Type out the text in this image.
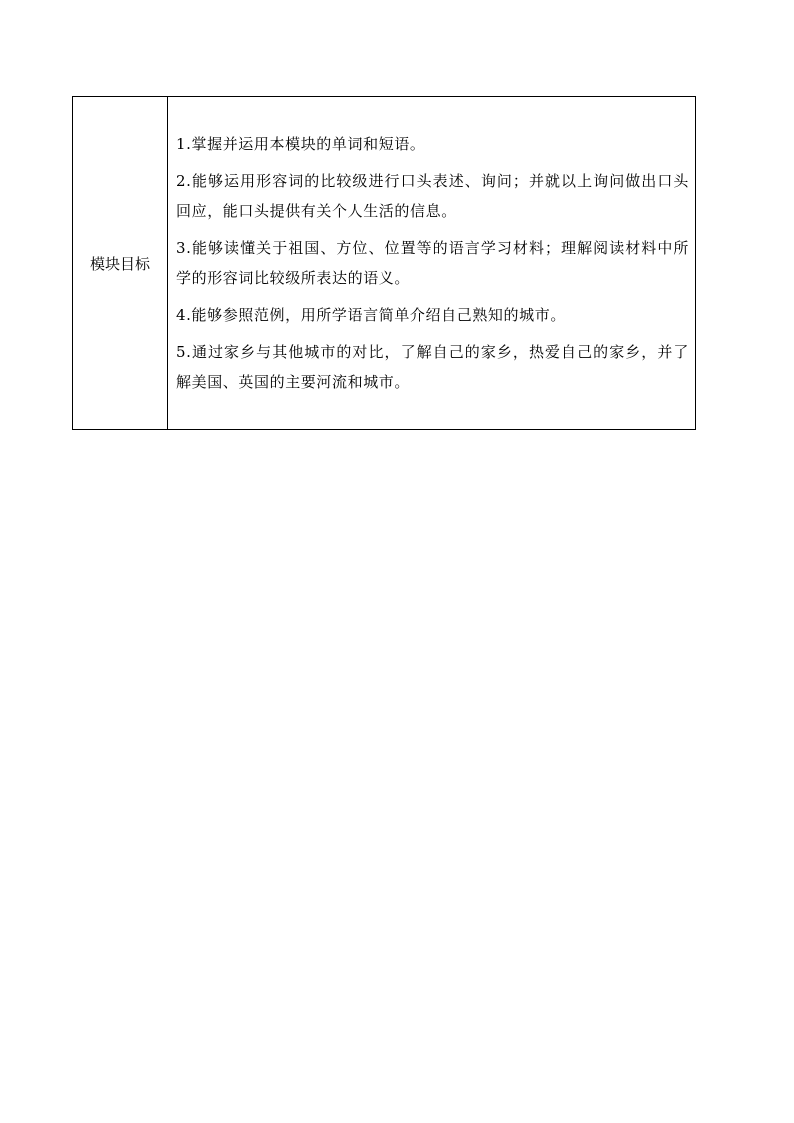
模块目标	

1.掌握并运用本模块的单词和短语。

2.能够运用形容词的比较级进行口头表述、询问；并就以上询问做出口头回应，能口头提供有关个人生活的信息。

3.能够读懂关于祖国、方位、位置等的语言学习材料；理解阅读材料中所学的形容词比较级所表达的语义。

4.能够参照范例，用所学语言简单介绍自己熟知的城市。

5.通过家乡与其他城市的对比，了解自己的家乡，热爱自己的家乡，并了解美国、英国的主要河流和城市。
